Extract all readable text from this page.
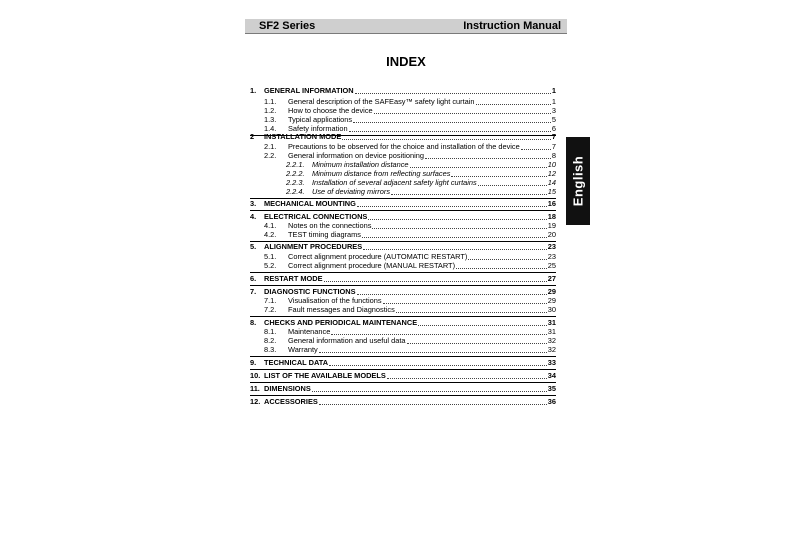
SF2 Series	Instruction Manual
INDEX
English
1.	GENERAL INFORMATION	1
1.1.	General description of the SAFEasy™ safety light curtain	1
1.2.	How to choose the device	3
1.3.	Typical applications	5
1.4.	Safety information	6
2	INSTALLATION MODE	7
2.1.	Precautions to be observed for the choice and installation of the device	7
2.2.	General information on device positioning	8
2.2.1.	Minimum installation distance	10
2.2.2.	Minimum distance from reflecting surfaces	12
2.2.3.	Installation of several adjacent safety light curtains	14
2.2.4.	Use of deviating mirrors	15
3.	MECHANICAL MOUNTING	16
4.	ELECTRICAL CONNECTIONS	18
4.1.	Notes on the connections	19
4.2.	TEST timing diagrams	20
5.	ALIGNMENT PROCEDURES	23
5.1.	Correct alignment procedure (AUTOMATIC RESTART)	23
5.2.	Correct alignment procedure (MANUAL RESTART)	25
6.	RESTART MODE	27
7.	DIAGNOSTIC FUNCTIONS	29
7.1.	Visualisation of the functions	29
7.2.	Fault messages and Diagnostics	30
8.	CHECKS AND PERIODICAL MAINTENANCE	31
8.1.	Maintenance	31
8.2.	General information and useful data	32
8.3.	Warranty	32
9.	TECHNICAL DATA	33
10. LIST OF THE AVAILABLE MODELS	34
11. DIMENSIONS	35
12. ACCESSORIES	36
